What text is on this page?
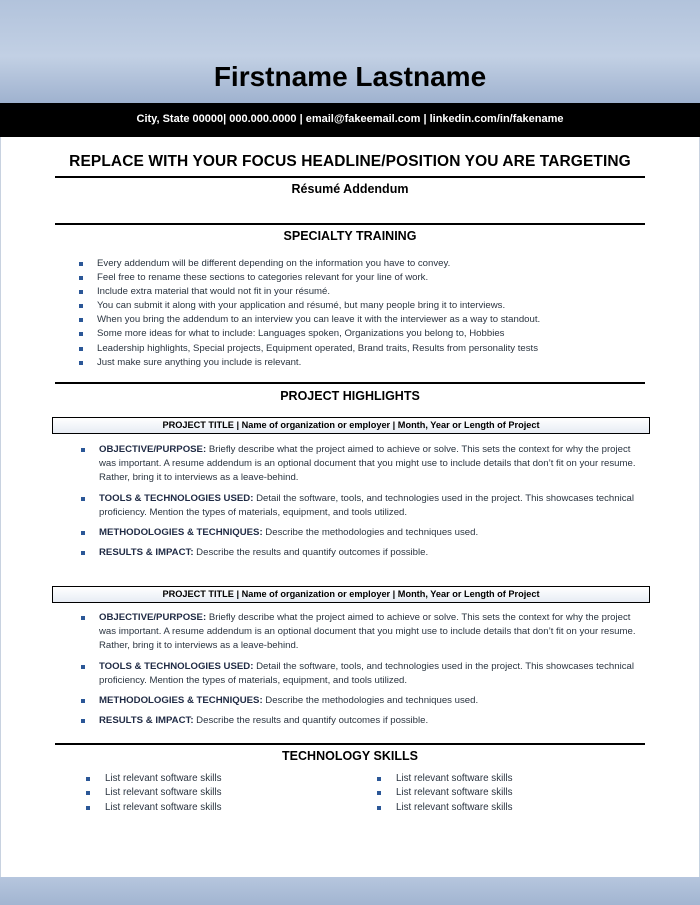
Firstname Lastname
City, State 00000| 000.000.0000 | email@fakeemail.com | linkedin.com/in/fakename
REPLACE WITH YOUR FOCUS HEADLINE/POSITION YOU ARE TARGETING
Résumé Addendum
SPECIALTY TRAINING
Every addendum will be different depending on the information you have to convey.
Feel free to rename these sections to categories relevant for your line of work.
Include extra material that would not fit in your résumé.
You can submit it along with your application and résumé, but many people bring it to interviews.
When you bring the addendum to an interview you can leave it with the interviewer as a way to standout.
Some more ideas for what to include: Languages spoken, Organizations you belong to, Hobbies
Leadership highlights, Special projects, Equipment operated, Brand traits, Results from personality tests
Just make sure anything you include is relevant.
PROJECT HIGHLIGHTS
PROJECT TITLE | Name of organization or employer | Month, Year or Length of Project
OBJECTIVE/PURPOSE: Briefly describe what the project aimed to achieve or solve. This sets the context for why the project was important. A resume addendum is an optional document that you might use to include details that don’t fit on your resume. Rather, bring it to interviews as a leave-behind.
TOOLS & TECHNOLOGIES USED: Detail the software, tools, and technologies used in the project. This showcases technical proficiency. Mention the types of materials, equipment, and tools utilized.
METHODOLOGIES & TECHNIQUES: Describe the methodologies and techniques used.
RESULTS & IMPACT: Describe the results and quantify outcomes if possible.
PROJECT TITLE | Name of organization or employer | Month, Year or Length of Project
OBJECTIVE/PURPOSE: Briefly describe what the project aimed to achieve or solve. This sets the context for why the project was important. A resume addendum is an optional document that you might use to include details that don’t fit on your resume. Rather, bring it to interviews as a leave-behind.
TOOLS & TECHNOLOGIES USED: Detail the software, tools, and technologies used in the project. This showcases technical proficiency. Mention the types of materials, equipment, and tools utilized.
METHODOLOGIES & TECHNIQUES: Describe the methodologies and techniques used.
RESULTS & IMPACT: Describe the results and quantify outcomes if possible.
TECHNOLOGY SKILLS
List relevant software skills
List relevant software skills
List relevant software skills
List relevant software skills
List relevant software skills
List relevant software skills
